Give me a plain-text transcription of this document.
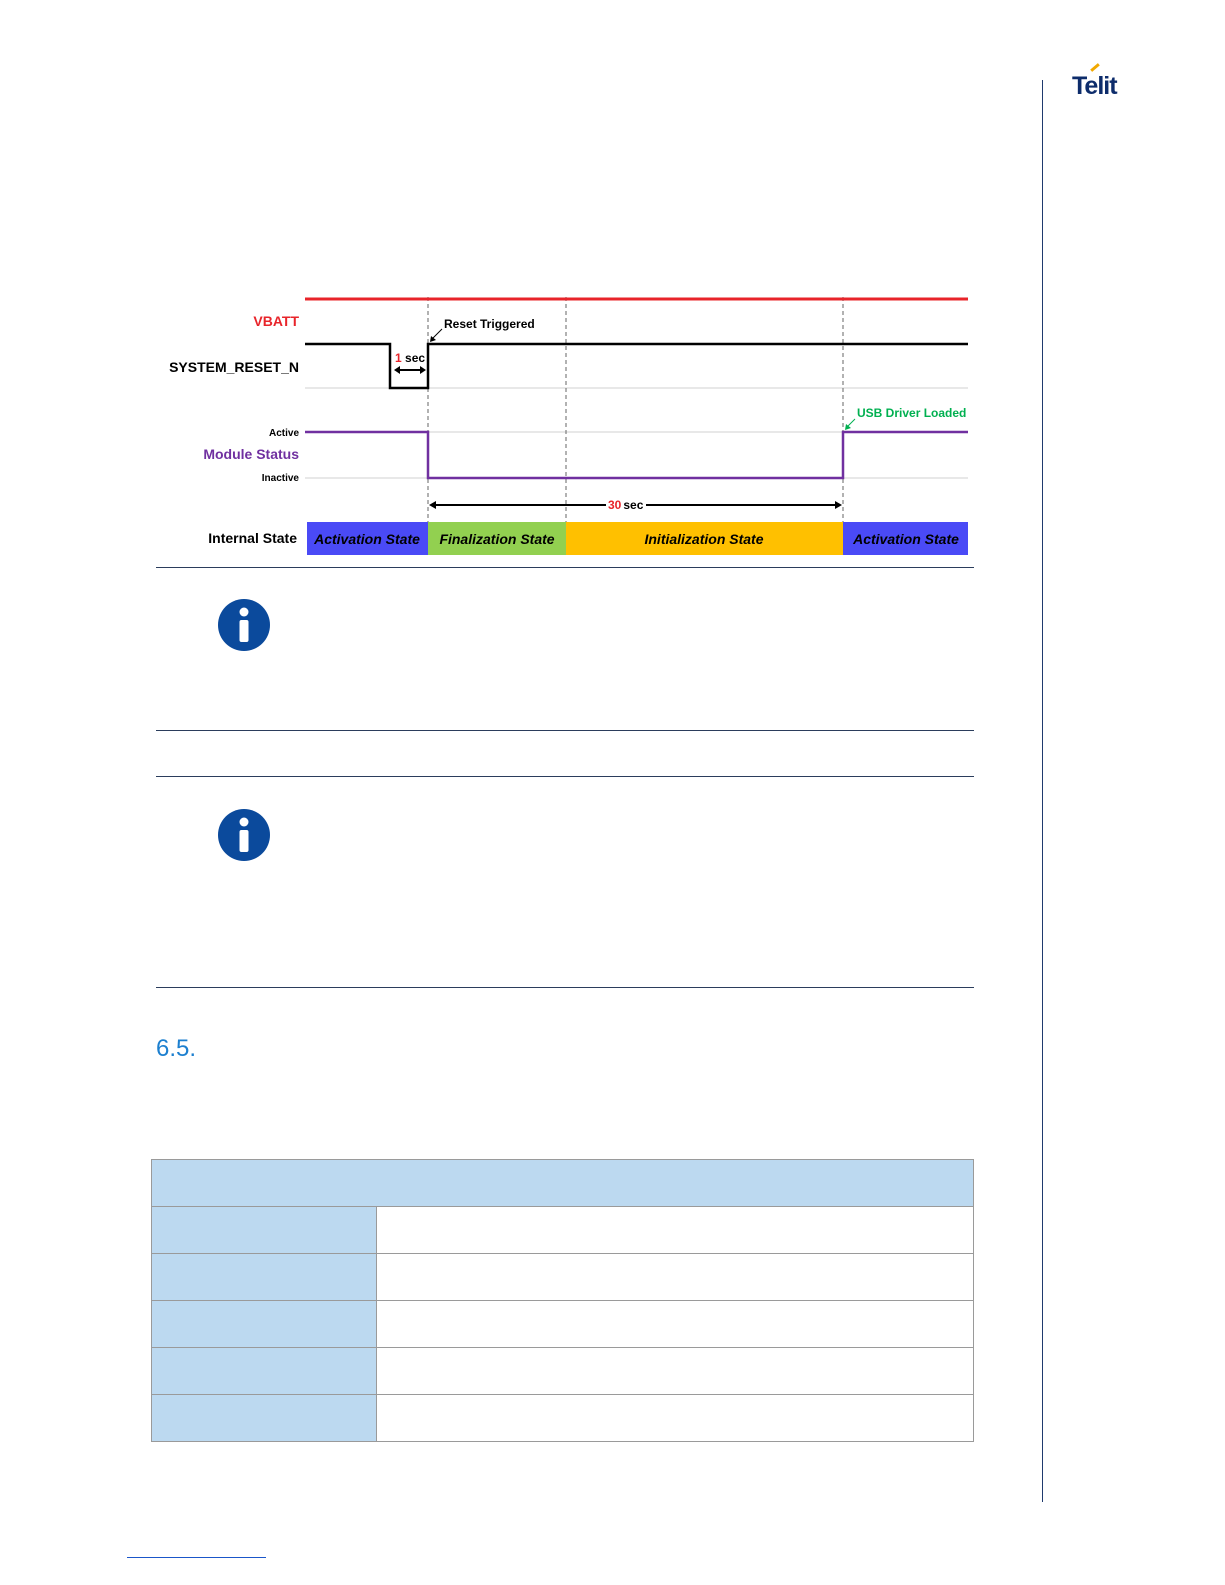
Telit
1 sec
Reset Triggered
USB Driver Loaded
30 sec
VBATT
SYSTEM_RESET_N
Active
Module Status
Inactive
Internal State Activation State Finalization State	Initialization State	Activation State
6.5.
